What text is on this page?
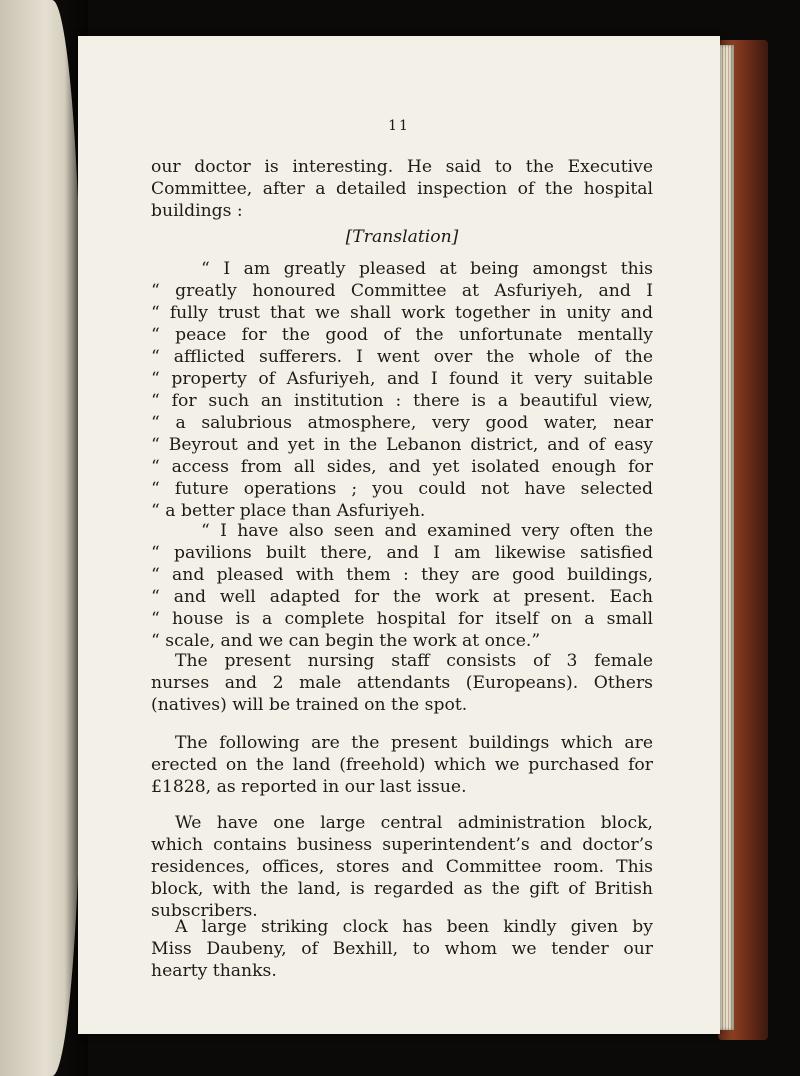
11
our doctor is interesting. He said to the Executive
Committee, after a detailed inspection of the hospital
buildings :
[Translation]
“ I am greatly pleased at being amongst this
“ greatly honoured Committee at Asfuriyeh, and I
“ fully trust that we shall work together in unity and
“ peace for the good of the unfortunate mentally
“ afflicted sufferers. I went over the whole of the
“ property of Asfuriyeh, and I found it very suitable
“ for such an institution : there is a beautiful view,
“ a salubrious atmosphere, very good water, near
“ Beyrout and yet in the Lebanon district, and of easy
“ access from all sides, and yet isolated enough for
“ future operations ; you could not have selected
“ a better place than Asfuriyeh.
“ I have also seen and examined very often the
“ pavilions built there, and I am likewise satisfied
“ and pleased with them : they are good buildings,
“ and well adapted for the work at present. Each
“ house is a complete hospital for itself on a small
“ scale, and we can begin the work at once.”
The present nursing staff consists of 3 female
nurses and 2 male attendants (Europeans). Others
(natives) will be trained on the spot.
The following are the present buildings which are
erected on the land (freehold) which we purchased for
£1828, as reported in our last issue.
We have one large central administration block,
which contains business superintendent’s and doctor’s
residences, offices, stores and Committee room. This
block, with the land, is regarded as the gift of British
subscribers.
A large striking clock has been kindly given by
Miss Daubeny, of Bexhill, to whom we tender our
hearty thanks.
